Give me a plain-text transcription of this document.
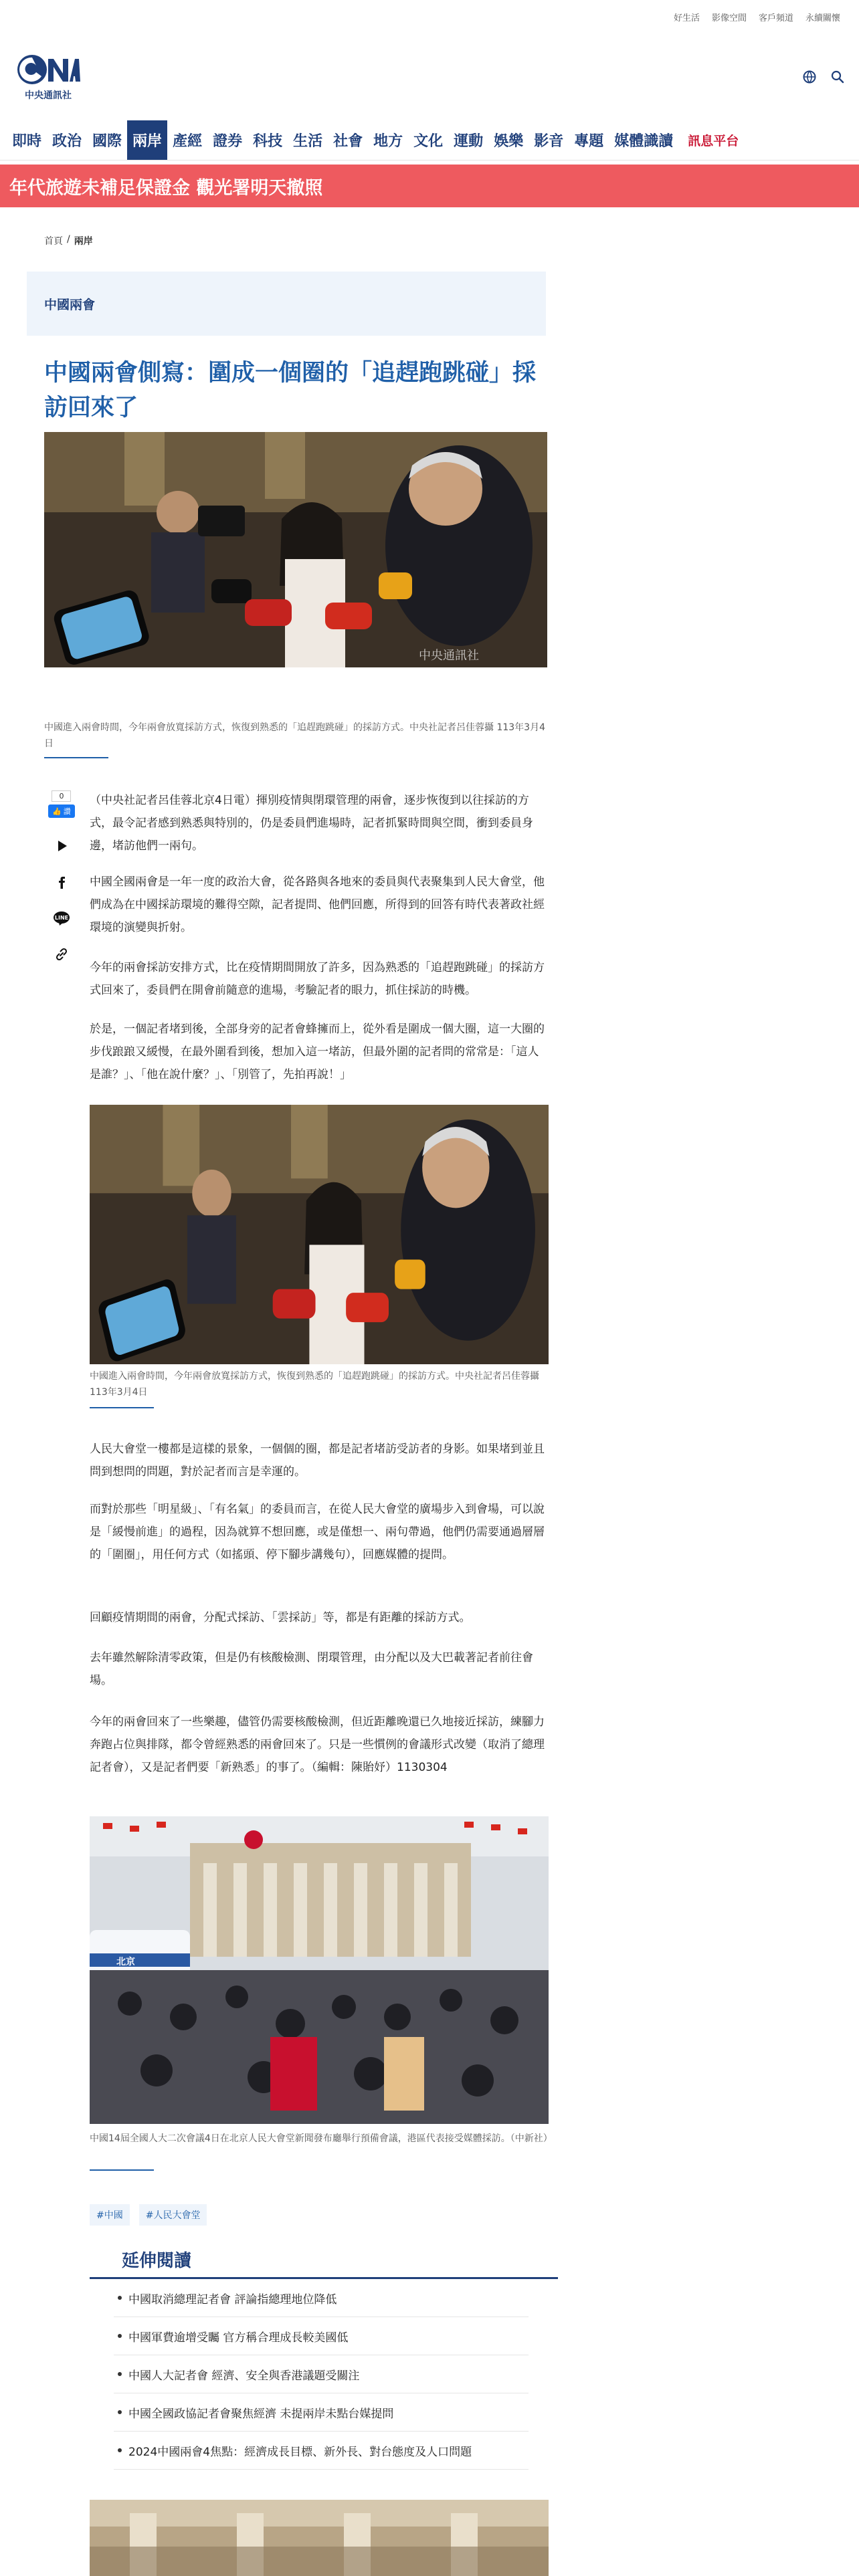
好生活 影像空間 客戶頻道 永續關懷
中央通訊社
即時 政治 國際 兩岸 產經 證券 科技 生活 社會 地方 文化 運動 娛樂 影音 專題 媒體識讀	訊息平台
年代旅遊未補足保證金 觀光署明天撤照
首頁 / 兩岸
中國兩會
中國兩會側寫：圍成一個圈的「追趕跑跳碰」採訪回來了
中央通訊社
中國進入兩會時間，今年兩會放寬採訪方式，恢復到熟悉的「追趕跑跳碰」的採訪方式。中央社記者呂佳蓉攝 113年3月4日
0
👍 讚
LINE

（中央社記者呂佳蓉北京4日電）揮別疫情與閉環管理的兩會，逐步恢復到以往採訪的方式，最令記者感到熟悉與特別的，仍是委員們進場時，記者抓緊時間與空間，衝到委員身邊，堵訪他們一兩句。

中國全國兩會是一年一度的政治大會，從各路與各地來的委員與代表聚集到人民大會堂，他們成為在中國採訪環境的難得空隙，記者提問、他們回應，所得到的回答有時代表著政社經環境的演變與折射。

今年的兩會採訪安排方式，比在疫情期間開放了許多，因為熟悉的「追趕跑跳碰」的採訪方式回來了，委員們在開會前隨意的進場，考驗記者的眼力，抓住採訪的時機。

於是，一個記者堵到後，全部身旁的記者會蜂擁而上，從外看是圍成一個大圈，這一大圈的步伐踉踉又緩慢，在最外圍看到後，想加入這一堵訪，但最外圍的記者問的常常是：「這人是誰？」、「他在說什麼？」、「別管了，先拍再說！」

中國進入兩會時間，今年兩會放寬採訪方式，恢復到熟悉的「追趕跑跳碰」的採訪方式。中央社記者呂佳蓉攝 113年3月4日

人民大會堂一樓都是這樣的景象，一個個的圈，都是記者堵訪受訪者的身影。如果堵到並且問到想問的問題，對於記者而言是幸運的。

而對於那些「明星級」、「有名氣」的委員而言，在從人民大會堂的廣場步入到會場，可以說是「緩慢前進」的過程，因為就算不想回應，或是僅想一、兩句帶過，他們仍需要通過層層的「圍圈」，用任何方式（如搖頭、停下腳步講幾句），回應媒體的提問。

回顧疫情期間的兩會，分配式採訪、「雲採訪」等，都是有距離的採訪方式。

去年雖然解除清零政策，但是仍有核酸檢測、閉環管理，由分配以及大巴載著記者前往會場。

今年的兩會回來了一些樂趣，儘管仍需要核酸檢測，但近距離晚還已久地接近採訪，練腳力奔跑占位與排隊，都令曾經熟悉的兩會回來了。只是一些慣例的會議形式改變（取消了總理記者會），又是記者們要「新熟悉」的事了。（編輯：陳貽妤）1130304

北京
中國14屆全國人大二次會議4日在北京人民大會堂新聞發布廳舉行預備會議，港區代表接受媒體採訪。（中新社）
#中國	#人民大會堂
延伸閱讀
中國取消總理記者會 評論指總理地位降低
中國軍費逾增受矚 官方稱合理成長較美國低
中國人大記者會 經濟、安全與香港議題受關注
中國全國政協記者會聚焦經濟 未提兩岸未點台媒提問
2024中國兩會4焦點：經濟成長目標、新外長、對台態度及人口問題
